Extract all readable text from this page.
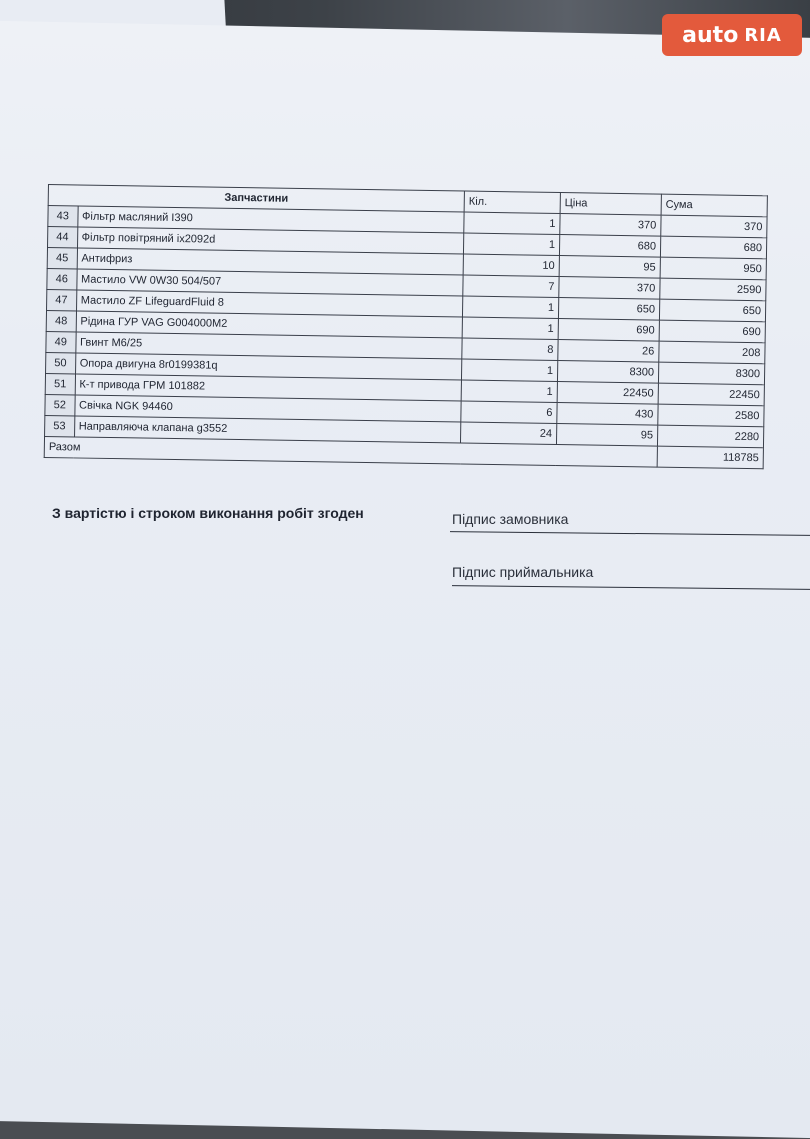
auto RIA
Запчастини		Кіл.	Ціна	Сума
43	Фільтр масляний I390	1	370	370
44	Фільтр повітряний ix2092d	1	680	680
45	Антифриз	10	95	950
46	Мастило VW 0W30 504/507	7	370	2590
47	Мастило ZF LifeguardFluid 8	1	650	650
48	Рідина ГУР VAG G004000M2	1	690	690
49	Гвинт М6/25	8	26	208
50	Опора двигуна 8r0199381q	1	8300	8300
51	К-т привода ГРМ 101882	1	22450	22450
52	Свічка NGK 94460	6	430	2580
53	Направляюча клапана g3552	24	95	2280
Разом				118785
З вартістю і строком виконання робіт згоден	Підпис замовника
Підпис приймальника
